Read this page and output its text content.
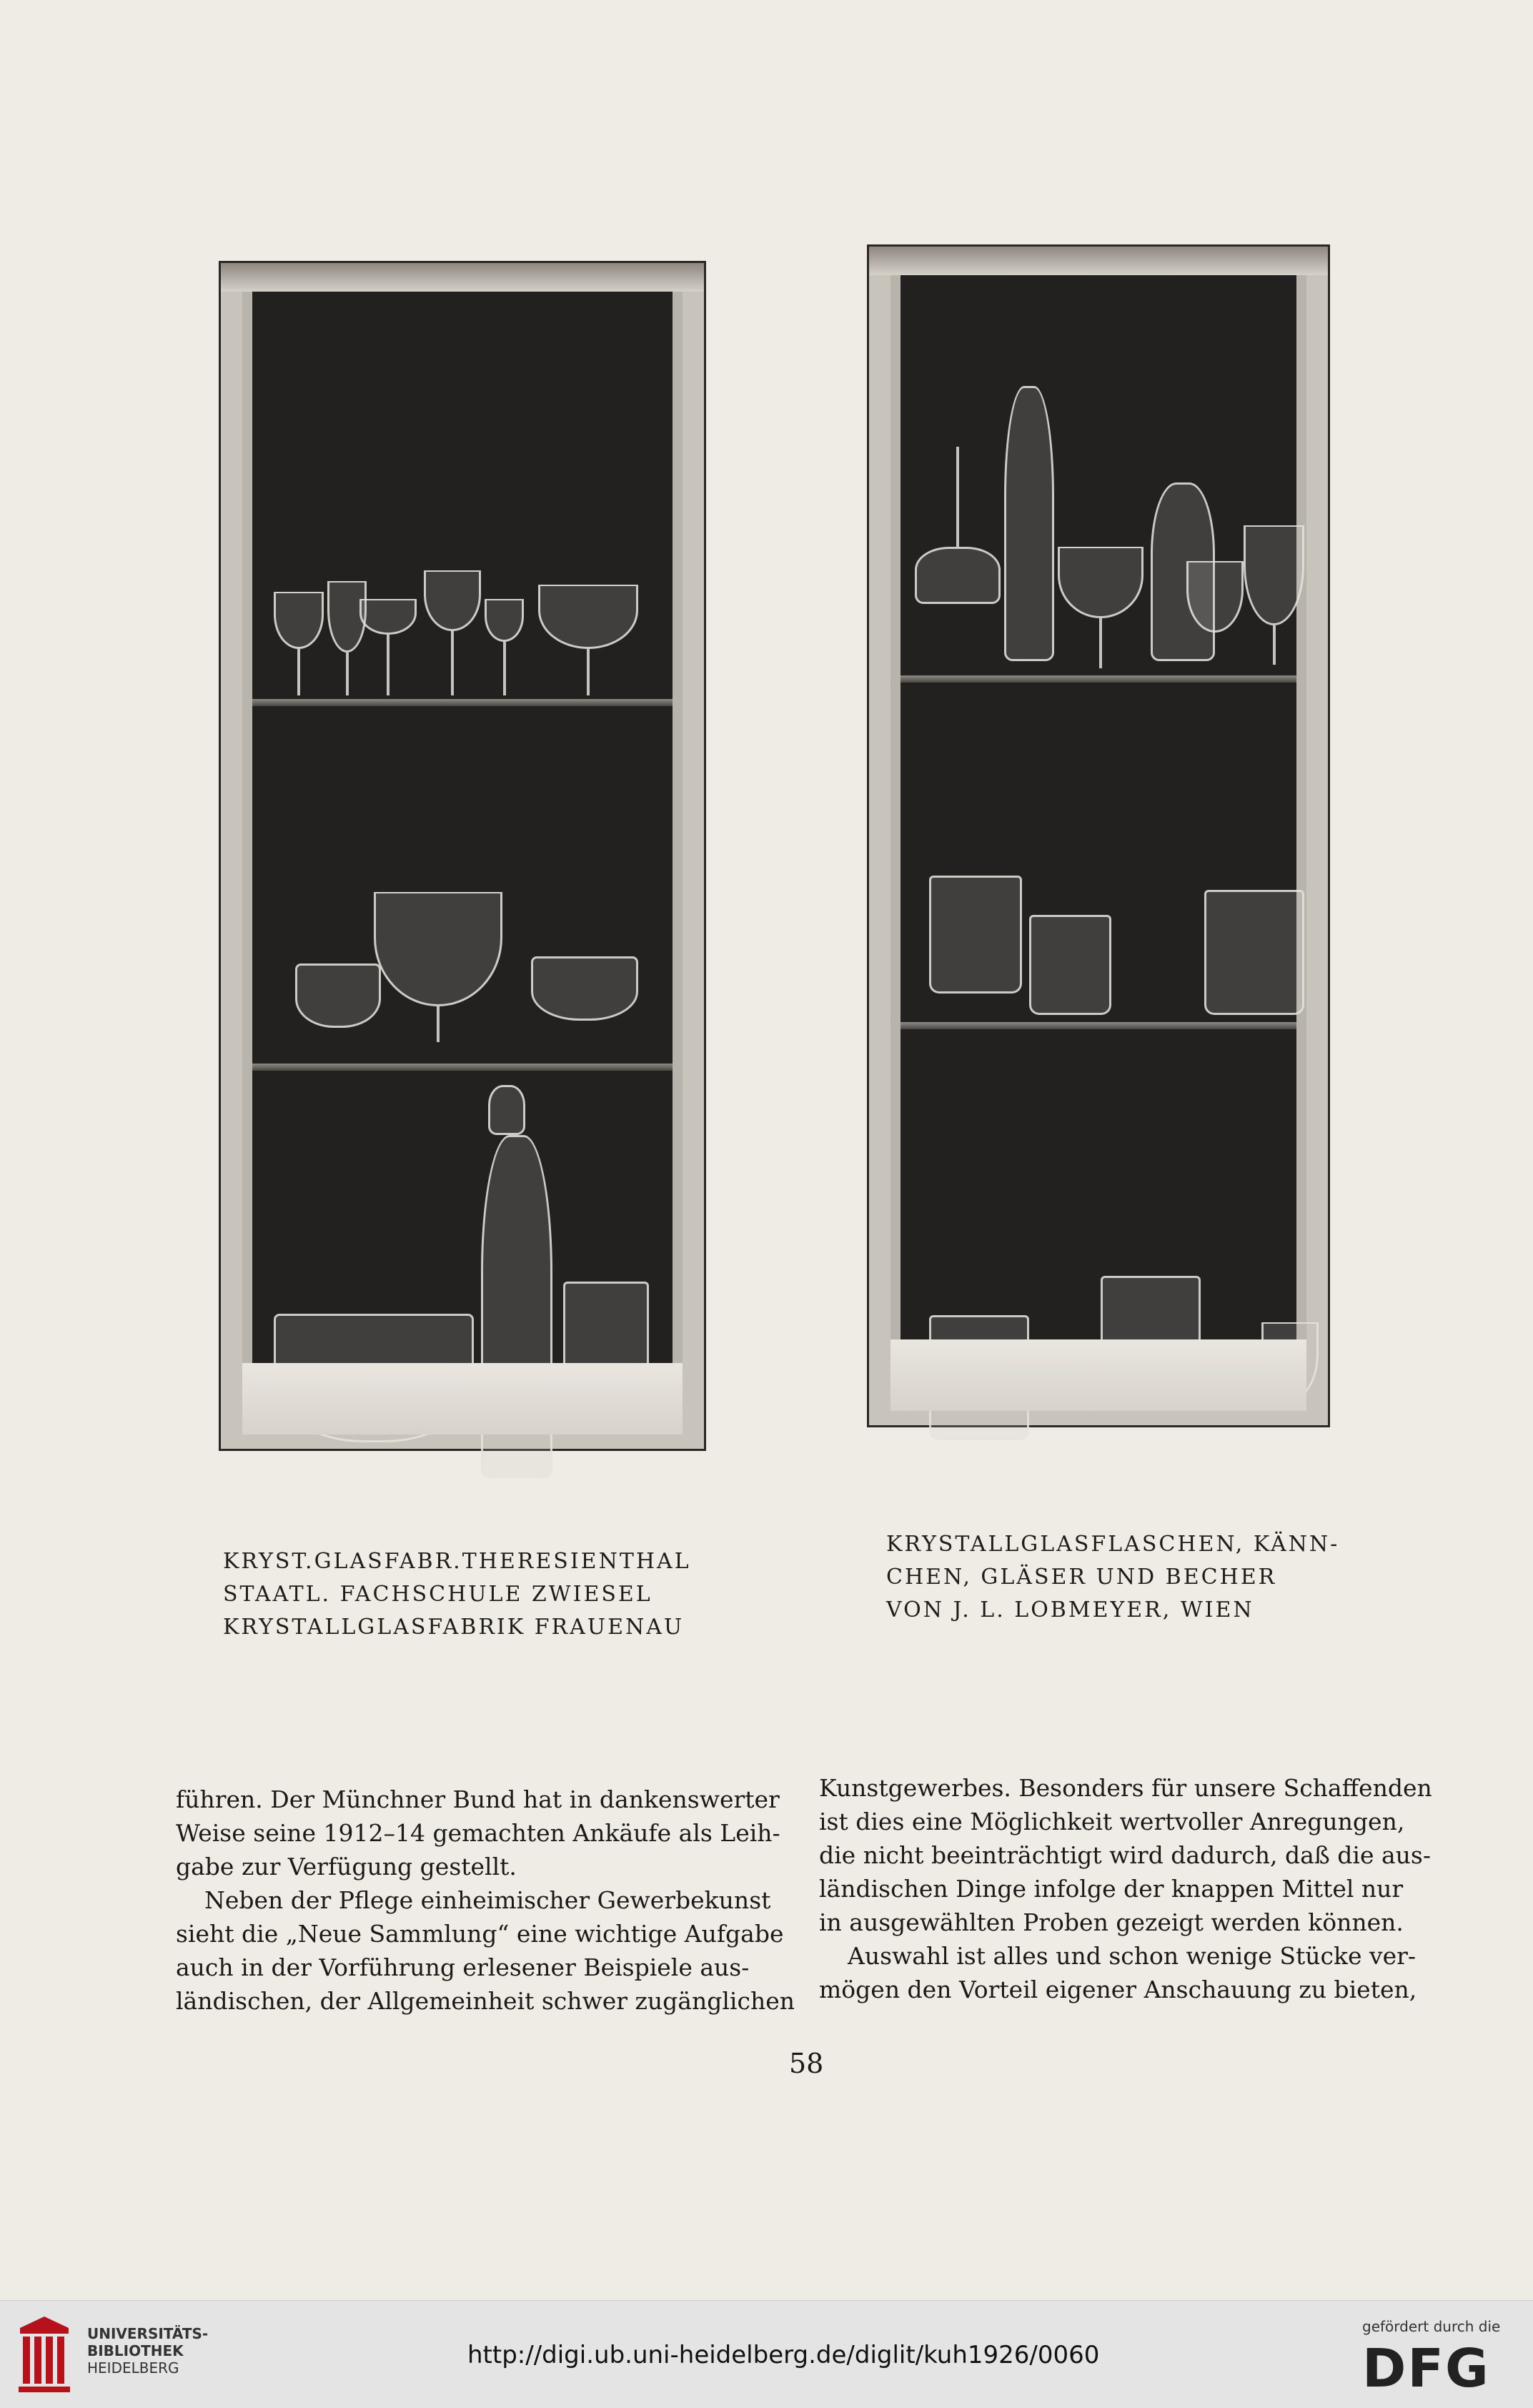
KRYST.GLASFABR.THERESIENTHAL
STAATL. FACHSCHULE ZWIESEL
KRYSTALLGLASFABRIK FRAUENAU
KRYSTALLGLASFLASCHEN, KÄNN-
CHEN, GLÄSER UND BECHER
VON J. L. LOBMEYER, WIEN

führen. Der Münchner Bund hat in dankenswerter

Weise seine 1912–14 gemachten Ankäufe als Leih-

gabe zur Verfügung gestellt.

Neben der Pflege einheimischer Gewerbekunst

sieht die „Neue Sammlung“ eine wichtige Aufgabe

auch in der Vorführung erlesener Beispiele aus-

ländischen, der Allgemeinheit schwer zugänglichen

Kunstgewerbes. Besonders für unsere Schaffenden

ist dies eine Möglichkeit wertvoller Anregungen,

die nicht beeinträchtigt wird dadurch, daß die aus-

ländischen Dinge infolge der knappen Mittel nur

in ausgewählten Proben gezeigt werden können.

Auswahl ist alles und schon wenige Stücke ver-

mögen den Vorteil eigener Anschauung zu bieten,

58
UNIVERSITÄTS-
BIBLIOTHEK
HEIDELBERG	http://digi.ub.uni-heidelberg.de/diglit/kuh1926/0060
gefördert durch die
DFG
